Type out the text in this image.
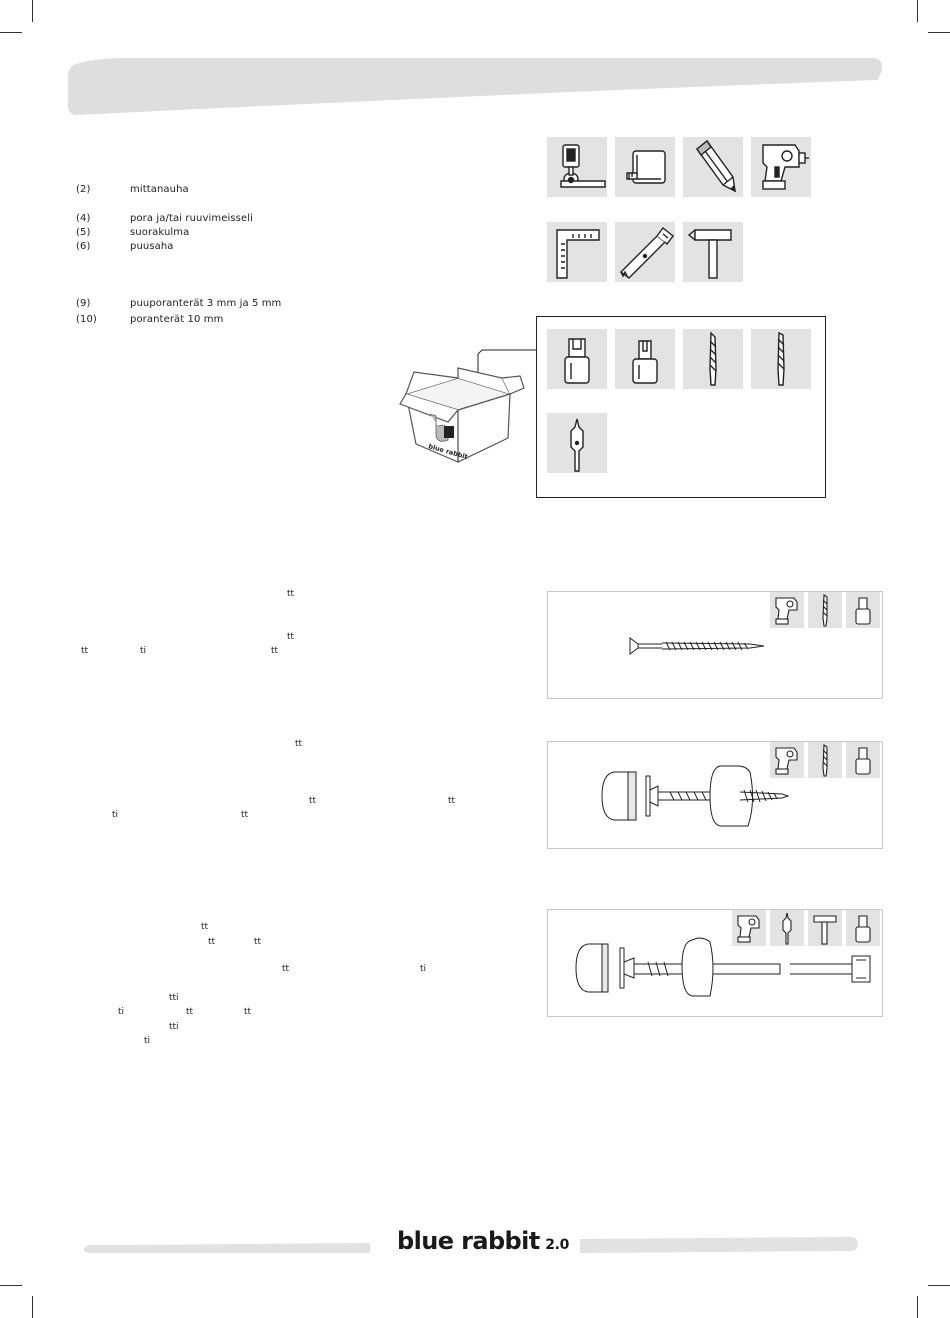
(2)	mittanauha
(4)	pora ja/tai ruuvimeisseli
(5)	suorakulma
(6)	puusaha
(9)	puuporanterät 3 mm ja 5 mm
(10)	poranterät 10 mm
blue rabbit
tt
tt
tt	ti	tt
tt
tt	tt
ti	tt
tt
tt	tt
tt	ti
tti
ti	tt	tt
tti
ti
blue rabbit 2.0
